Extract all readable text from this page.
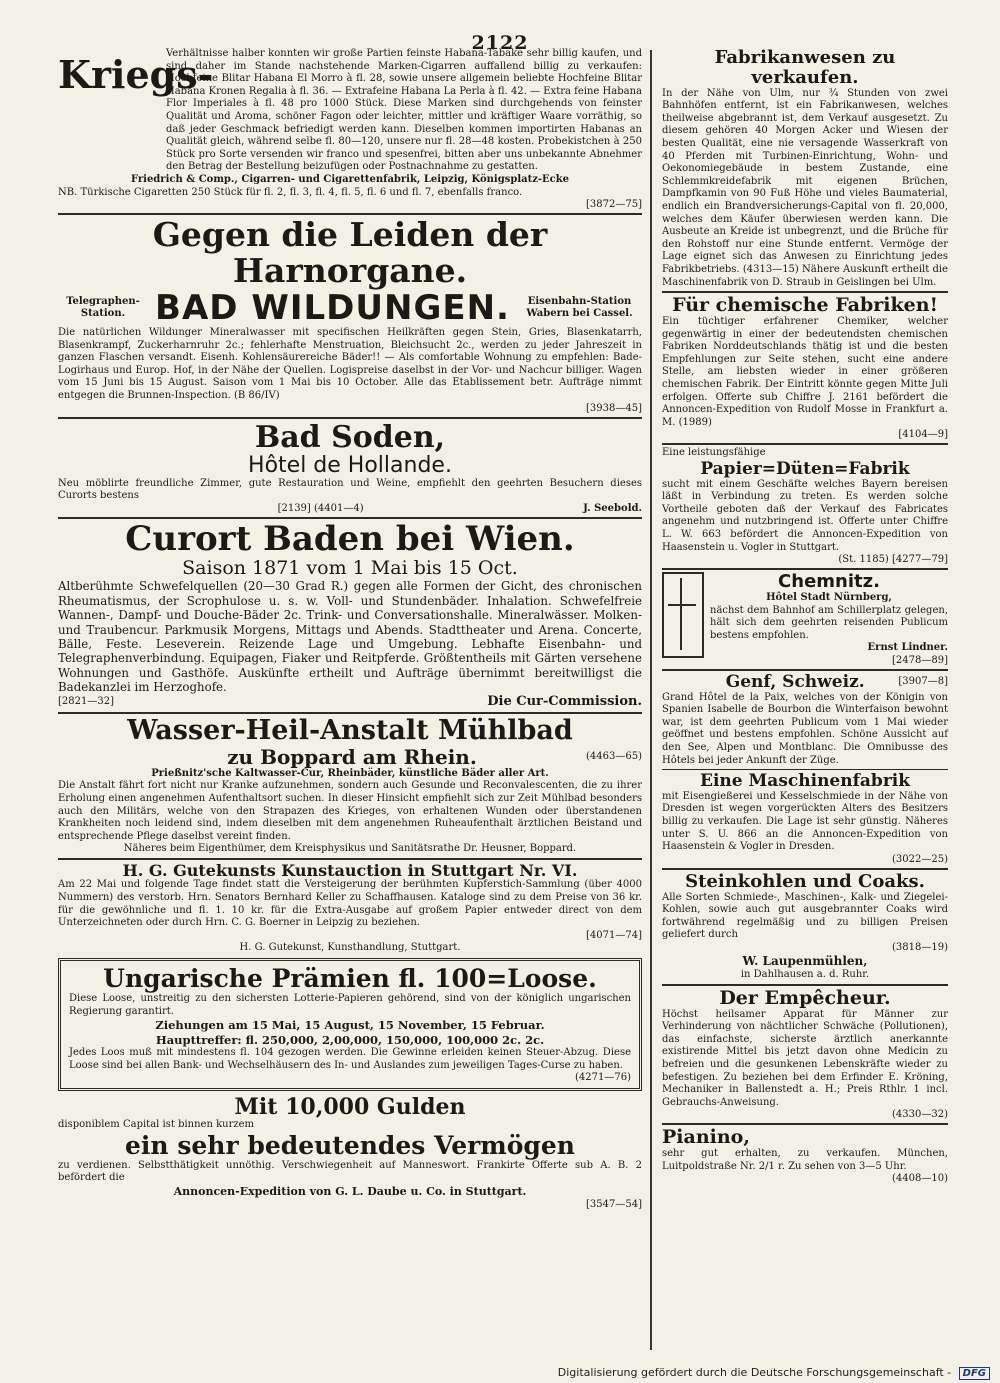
2122
Kriegs-

Verhältnisse halber konnten wir große Partien feinste Habana-Tabake sehr billig kaufen, und sind daher im Stande nachstehende Marken-Cigarren auffallend billig zu verkaufen: Hochfeine Blitar Habana El Morro à fl. 28, sowie unsere allgemein beliebte Hochfeine Blitar Habana Kronen Regalia à fl. 36. — Extrafeine Habana La Perla à fl. 42. — Extra feine Habana Flor Imperiales à fl. 48 pro 1000 Stück. Diese Marken sind durchgehends von feinster Qualität und Aroma, schöner Fagon oder leichter, mittler und kräftiger Waare vorräthig, so daß jeder Geschmack befriedigt werden kann. Dieselben kommen importirten Habanas an Qualität gleich, während selbe fl. 80—120, unsere nur fl. 28—48 kosten. Probekistchen à 250 Stück pro Sorte versenden wir franco und spesenfrei, bitten aber uns unbekannte Abnehmer den Betrag der Bestellung beizufügen oder Postnachnahme zu gestatten.

Friedrich & Comp., Cigarren- und Cigarettenfabrik, Leipzig, Königsplatz-Ecke

NB. Türkische Cigaretten 250 Stück für fl. 2, fl. 3, fl. 4, fl. 5, fl. 6 und fl. 7, ebenfalls franco.

[3872—75]
Gegen die Leiden der Harnorgane.
Telegraphen-Station. BAD WILDUNGEN.	Eisenbahn-Station Wabern bei Cassel.

Die natürlichen Wildunger Mineralwasser mit specifischen Heilkräften gegen Stein, Gries, Blasenkatarrh, Blasenkrampf, Zuckerharnruhr 2c.; fehlerhafte Menstruation, Bleichsucht 2c., werden zu jeder Jahreszeit in ganzen Flaschen versandt. Eisenh. Kohlensäurereiche Bäder!! — Als comfortable Wohnung zu empfehlen: Bade-Logirhaus und Europ. Hof, in der Nähe der Quellen. Logispreise daselbst in der Vor- und Nachcur billiger. Wagen vom 15 Juni bis 15 August. Saison vom 1 Mai bis 10 October. Alle das Etablissement betr. Aufträge nimmt entgegen die Brunnen-Inspection. (B 86/IV)

[3938—45]
Bad Soden,
Hôtel de Hollande.

Neu möblirte freundliche Zimmer, gute Restauration und Weine, empfiehlt den geehrten Besuchern dieses Curorts bestens

[2139] (4401—4)	J. Seebold.
Curort Baden bei Wien.
Saison 1871 vom 1 Mai bis 15 Oct.

Altberühmte Schwefelquellen (20—30 Grad R.) gegen alle Formen der Gicht, des chronischen Rheumatismus, der Scrophulose u. s. w. Voll- und Stundenbäder. Inhalation. Schwefelfreie Wannen-, Dampf- und Douche-Bäder 2c. Trink- und Conversationshalle. Mineralwässer. Molken- und Traubencur. Parkmusik Morgens, Mittags und Abends. Stadttheater und Arena. Concerte, Bälle, Feste. Leseverein. Reizende Lage und Umgebung. Lebhafte Eisenbahn- und Telegraphenverbindung. Equipagen, Fiaker und Reitpferde. Größtentheils mit Gärten versehene Wohnungen und Gasthöfe. Auskünfte ertheilt und Aufträge übernimmt bereitwilligst die Badekanzlei im Herzoghofe.

[2821—32]	Die Cur-Commission.
Wasser-Heil-Anstalt Mühlbad
zu Boppard am Rhein.	(4463—65)

Prießnitz'sche Kaltwasser-Cur, Rheinbäder, künstliche Bäder aller Art.

Die Anstalt fährt fort nicht nur Kranke aufzunehmen, sondern auch Gesunde und Reconvalescenten, die zu ihrer Erholung einen angenehmen Aufenthaltsort suchen. In dieser Hinsicht empfiehlt sich zur Zeit Mühlbad besonders auch den Militärs, welche von den Strapazen des Krieges, von erhaltenen Wunden oder überstandenen Krankheiten noch leidend sind, indem dieselben mit dem angenehmen Ruheaufenthalt ärztlichen Beistand und entsprechende Pflege daselbst vereint finden.

Näheres beim Eigenthümer, dem Kreisphysikus und Sanitätsrathe Dr. Heusner, Boppard.

H. G. Gutekunsts Kunstauction in Stuttgart Nr. VI.

Am 22 Mai und folgende Tage findet statt die Versteigerung der berühmten Kupferstich-Sammlung (über 4000 Nummern) des verstorb. Hrn. Senators Bernhard Keller zu Schaffhausen. Kataloge sind zu dem Preise von 36 kr. für die gewöhnliche und fl. 1. 10 kr. für die Extra-Ausgabe auf großem Papier entweder direct von dem Unterzeichneten oder durch Hrn. C. G. Boerner in Leipzig zu beziehen.

[4071—74]
H. G. Gutekunst, Kunsthandlung, Stuttgart.
Ungarische Prämien fl. 100=Loose.

Diese Loose, unstreitig zu den sichersten Lotterie-Papieren gehörend, sind von der königlich ungarischen Regierung garantirt.

Ziehungen am 15 Mai, 15 August, 15 November, 15 Februar.

Haupttreffer: fl. 250,000, 2,00,000, 150,000, 100,000 2c. 2c.

Jedes Loos muß mit mindestens fl. 104 gezogen werden. Die Gewinne erleiden keinen Steuer-Abzug. Diese Loose sind bei allen Bank- und Wechselhäusern des In- und Auslandes zum jeweiligen Tages-Curse zu haben.

(4271—76)
Mit 10,000 Gulden

disponiblem Capital ist binnen kurzem

ein sehr bedeutendes Vermögen

zu verdienen. Selbstthätigkeit unnöthig. Verschwiegenheit auf Manneswort. Frankirte Offerte sub A. B. 2 befördert die

Annoncen-Expedition von G. L. Daube u. Co. in Stuttgart.

[3547—54]
Fabrikanwesen zu verkaufen.

In der Nähe von Ulm, nur ¾ Stunden von zwei Bahnhöfen entfernt, ist ein Fabrikanwesen, welches theilweise abgebrannt ist, dem Verkauf ausgesetzt. Zu diesem gehören 40 Morgen Acker und Wiesen der besten Qualität, eine nie versagende Wasserkraft von 40 Pferden mit Turbinen-Einrichtung, Wohn- und Oekonomiegebäude in bestem Zustande, eine Schlemmkreidefabrik mit eigenen Brüchen, Dampfkamin von 90 Fuß Höhe und vieles Baumaterial, endlich ein Brandversicherungs-Capital von fl. 20,000, welches dem Käufer überwiesen werden kann. Die Ausbeute an Kreide ist unbegrenzt, und die Brüche für den Rohstoff nur eine Stunde entfernt. Vermöge der Lage eignet sich das Anwesen zu Einrichtung jedes Fabrikbetriebs. (4313—15) Nähere Auskunft ertheilt die Maschinenfabrik von D. Straub in Geislingen bei Ulm.

Für chemische Fabriken!

Ein tüchtiger erfahrener Chemiker, welcher gegenwärtig in einer der bedeutendsten chemischen Fabriken Norddeutschlands thätig ist und die besten Empfehlungen zur Seite stehen, sucht eine andere Stelle, am liebsten wieder in einer größeren chemischen Fabrik. Der Eintritt könnte gegen Mitte Juli erfolgen. Offerte sub Chiffre J. 2161 befördert die Annoncen-Expedition von Rudolf Mosse in Frankfurt a. M. (1989)

[4104—9]

Eine leistungsfähige

Papier=Düten=Fabrik

sucht mit einem Geschäfte welches Bayern bereisen läßt in Verbindung zu treten. Es werden solche Vortheile geboten daß der Verkauf des Fabricates angenehm und nutzbringend ist. Offerte unter Chiffre L. W. 663 befördert die Annoncen-Expedition von Haasenstein u. Vogler in Stuttgart.

(St. 1185) [4277—79]
Chemnitz.
Hôtel Stadt Nürnberg,

nächst dem Bahnhof am Schillerplatz gelegen, hält sich dem geehrten reisenden Publicum bestens empfohlen.

Ernst Lindner.
[2478—89]
Genf, Schweiz.	[3907—8]

Grand Hôtel de la Paix, welches von der Königin von Spanien Isabelle de Bourbon die Winterfaison bewohnt war, ist dem geehrten Publicum vom 1 Mai wieder geöffnet und bestens empfohlen. Schöne Aussicht auf den See, Alpen und Montblanc. Die Omnibusse des Hôtels bei jeder Ankunft der Züge.

Eine Maschinenfabrik

mit Eisengießerei und Kesselschmiede in der Nähe von Dresden ist wegen vorgerückten Alters des Besitzers billig zu verkaufen. Die Lage ist sehr günstig. Näheres unter S. U. 866 an die Annoncen-Expedition von Haasenstein & Vogler in Dresden.

(3022—25)
Steinkohlen und Coaks.

Alle Sorten Schmiede-, Maschinen-, Kalk- und Ziegelei-Kohlen, sowie auch gut ausgebrannter Coaks wird fortwährend regelmäßig und zu billigen Preisen geliefert durch

(3818—19)
W. Laupenmühlen,
in Dahlhausen a. d. Ruhr.
Der Empêcheur.

Höchst heilsamer Apparat für Männer zur Verhinderung von nächtlicher Schwäche (Pollutionen), das einfachste, sicherste ärztlich anerkannte existirende Mittel bis jetzt davon ohne Medicin zu befreien und die gesunkenen Lebenskräfte wieder zu befestigen. Zu beziehen bei dem Erfinder E. Kröning, Mechaniker in Ballenstedt a. H.; Preis Rthlr. 1 incl. Gebrauchs-Anweisung.

(4330—32)
Pianino,

sehr gut erhalten, zu verkaufen. München, Luitpoldstraße Nr. 2/1 r. Zu sehen von 3—5 Uhr.

(4408—10)
Digitalisierung gefördert durch die Deutsche Forschungsgemeinschaft - DFG
